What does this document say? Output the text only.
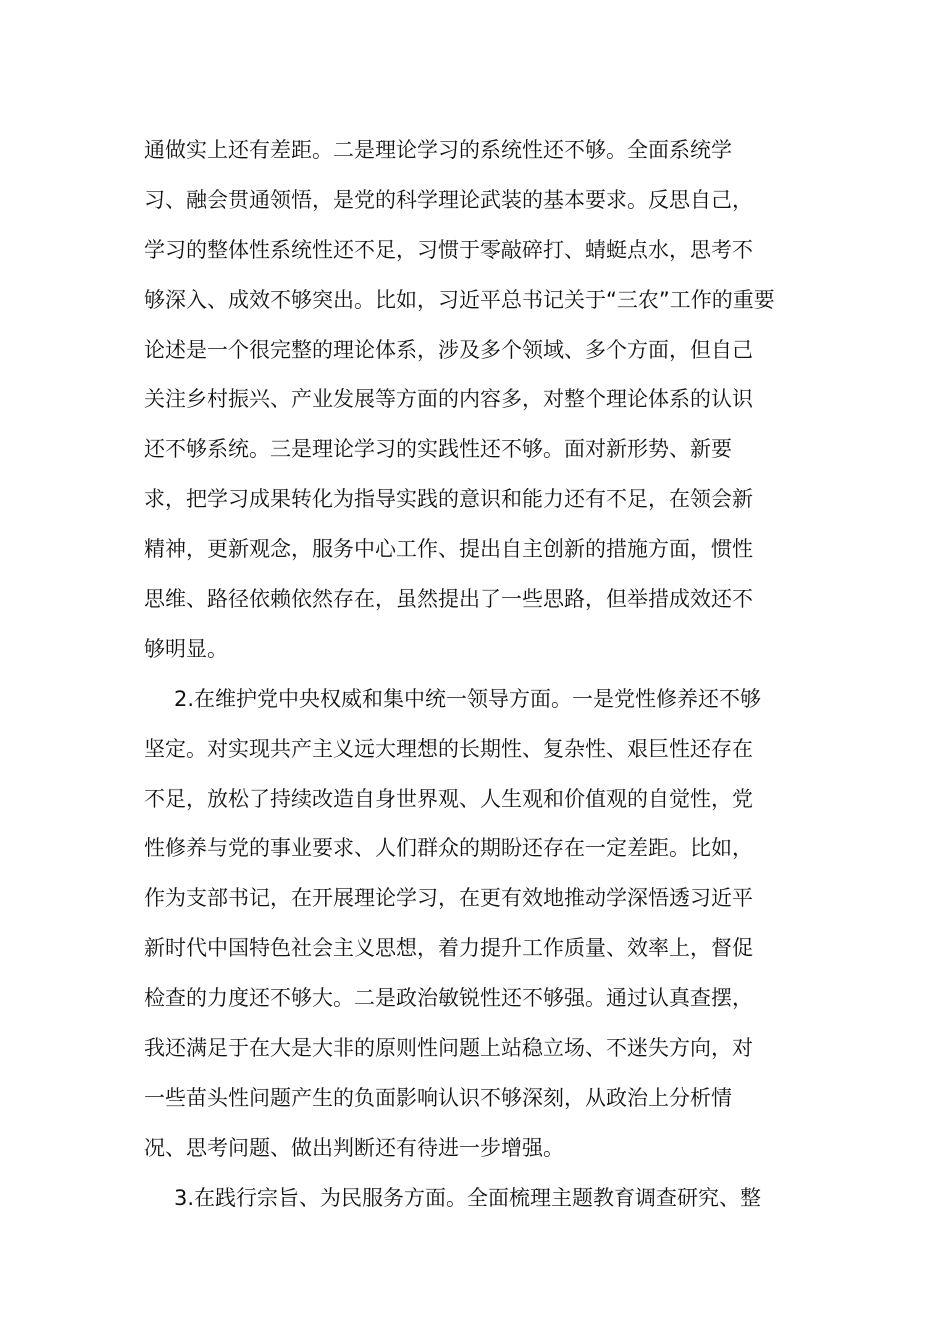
通做实上还有差距。二是理论学习的系统性还不够。全面系统学
习、融会贯通领悟，是党的科学理论武装的基本要求。反思自己，
学习的整体性系统性还不足，习惯于零敲碎打、蜻蜓点水，思考不
够深入、成效不够突出。比如，习近平总书记关于“三农”工作的重要
论述是一个很完整的理论体系，涉及多个领域、多个方面，但自己
关注乡村振兴、产业发展等方面的内容多，对整个理论体系的认识
还不够系统。三是理论学习的实践性还不够。面对新形势、新要
求，把学习成果转化为指导实践的意识和能力还有不足，在领会新
精神，更新观念，服务中心工作、提出自主创新的措施方面，惯性
思维、路径依赖依然存在，虽然提出了一些思路，但举措成效还不
够明显。
2.在维护党中央权威和集中统一领导方面。一是党性修养还不够
坚定。对实现共产主义远大理想的长期性、复杂性、艰巨性还存在
不足，放松了持续改造自身世界观、人生观和价值观的自觉性，党
性修养与党的事业要求、人们群众的期盼还存在一定差距。比如，
作为支部书记，在开展理论学习，在更有效地推动学深悟透习近平
新时代中国特色社会主义思想，着力提升工作质量、效率上，督促
检查的力度还不够大。二是政治敏锐性还不够强。通过认真查摆，
我还满足于在大是大非的原则性问题上站稳立场、不迷失方向，对
一些苗头性问题产生的负面影响认识不够深刻，从政治上分析情
况、思考问题、做出判断还有待进一步增强。
3.在践行宗旨、为民服务方面。全面梳理主题教育调查研究、整
